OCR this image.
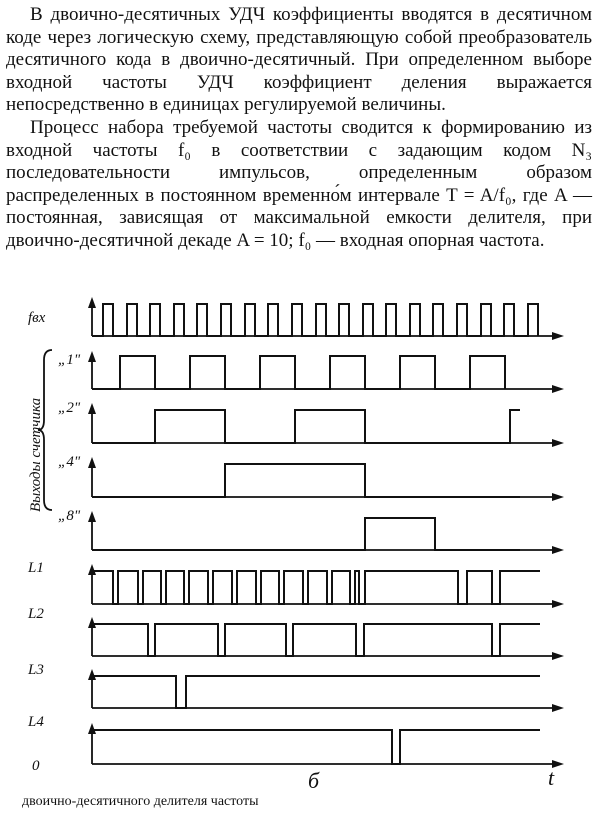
В двоично-десятичных УДЧ коэффициенты вводятся в десятичном коде через логическую схему, представляющую собой преобразователь десятичного кода в двоично-десятичный. При определенном выборе входной частоты УДЧ коэффициент деления выражается непосредственно в единицах регулируемой величины.

Процесс набора требуемой частоты сводится к формированию из входной частоты f₀ в соответствии с задающим кодом N₃ последовательности импульсов, определенным образом распределенных в постоянном временно́м интервале T = A/f₀, где A — постоянная, зависящая от максимальной емкости делителя, при двоично-десятичной декаде A = 10; f₀ — входная опорная частота.

fвх
Выходы счетчика
„1"
„2"
„4"
„8"
L1
L2
L3
L4
0	t
б
двоично-десятичного делителя частоты
